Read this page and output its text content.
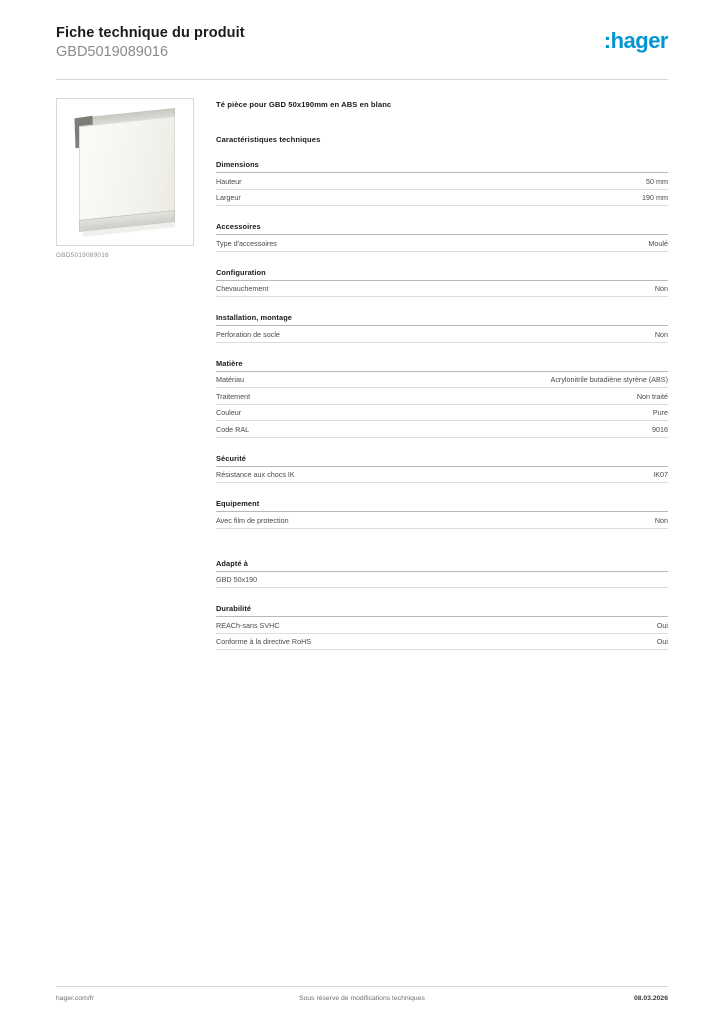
Fiche technique du produit
GBD5019089016	:hager
GBD5019089016
Té pièce pour GBD 50x190mm en ABS en blanc
Caractéristiques techniques
Dimensions
Hauteur	50 mm
Largeur	190 mm
Accessoires
Type d'accessoires	Moulé
Configuration
Chevauchement	Non
Installation, montage
Perforation de socle	Non
Matière
Matériau	Acrylonitrile butadiène styrène (ABS)
Traitement	Non traité
Couleur	Pure
Code RAL	9016
Sécurité
Résistance aux chocs IK	IK07
Equipement
Avec film de protection	Non
Adapté à
GBD 50x190
Durabilité
REACh-sans SVHC	Oui
Conforme à la directive RoHS	Oui
hager.com/fr	Sous réserve de modifications techniques	08.03.2026
